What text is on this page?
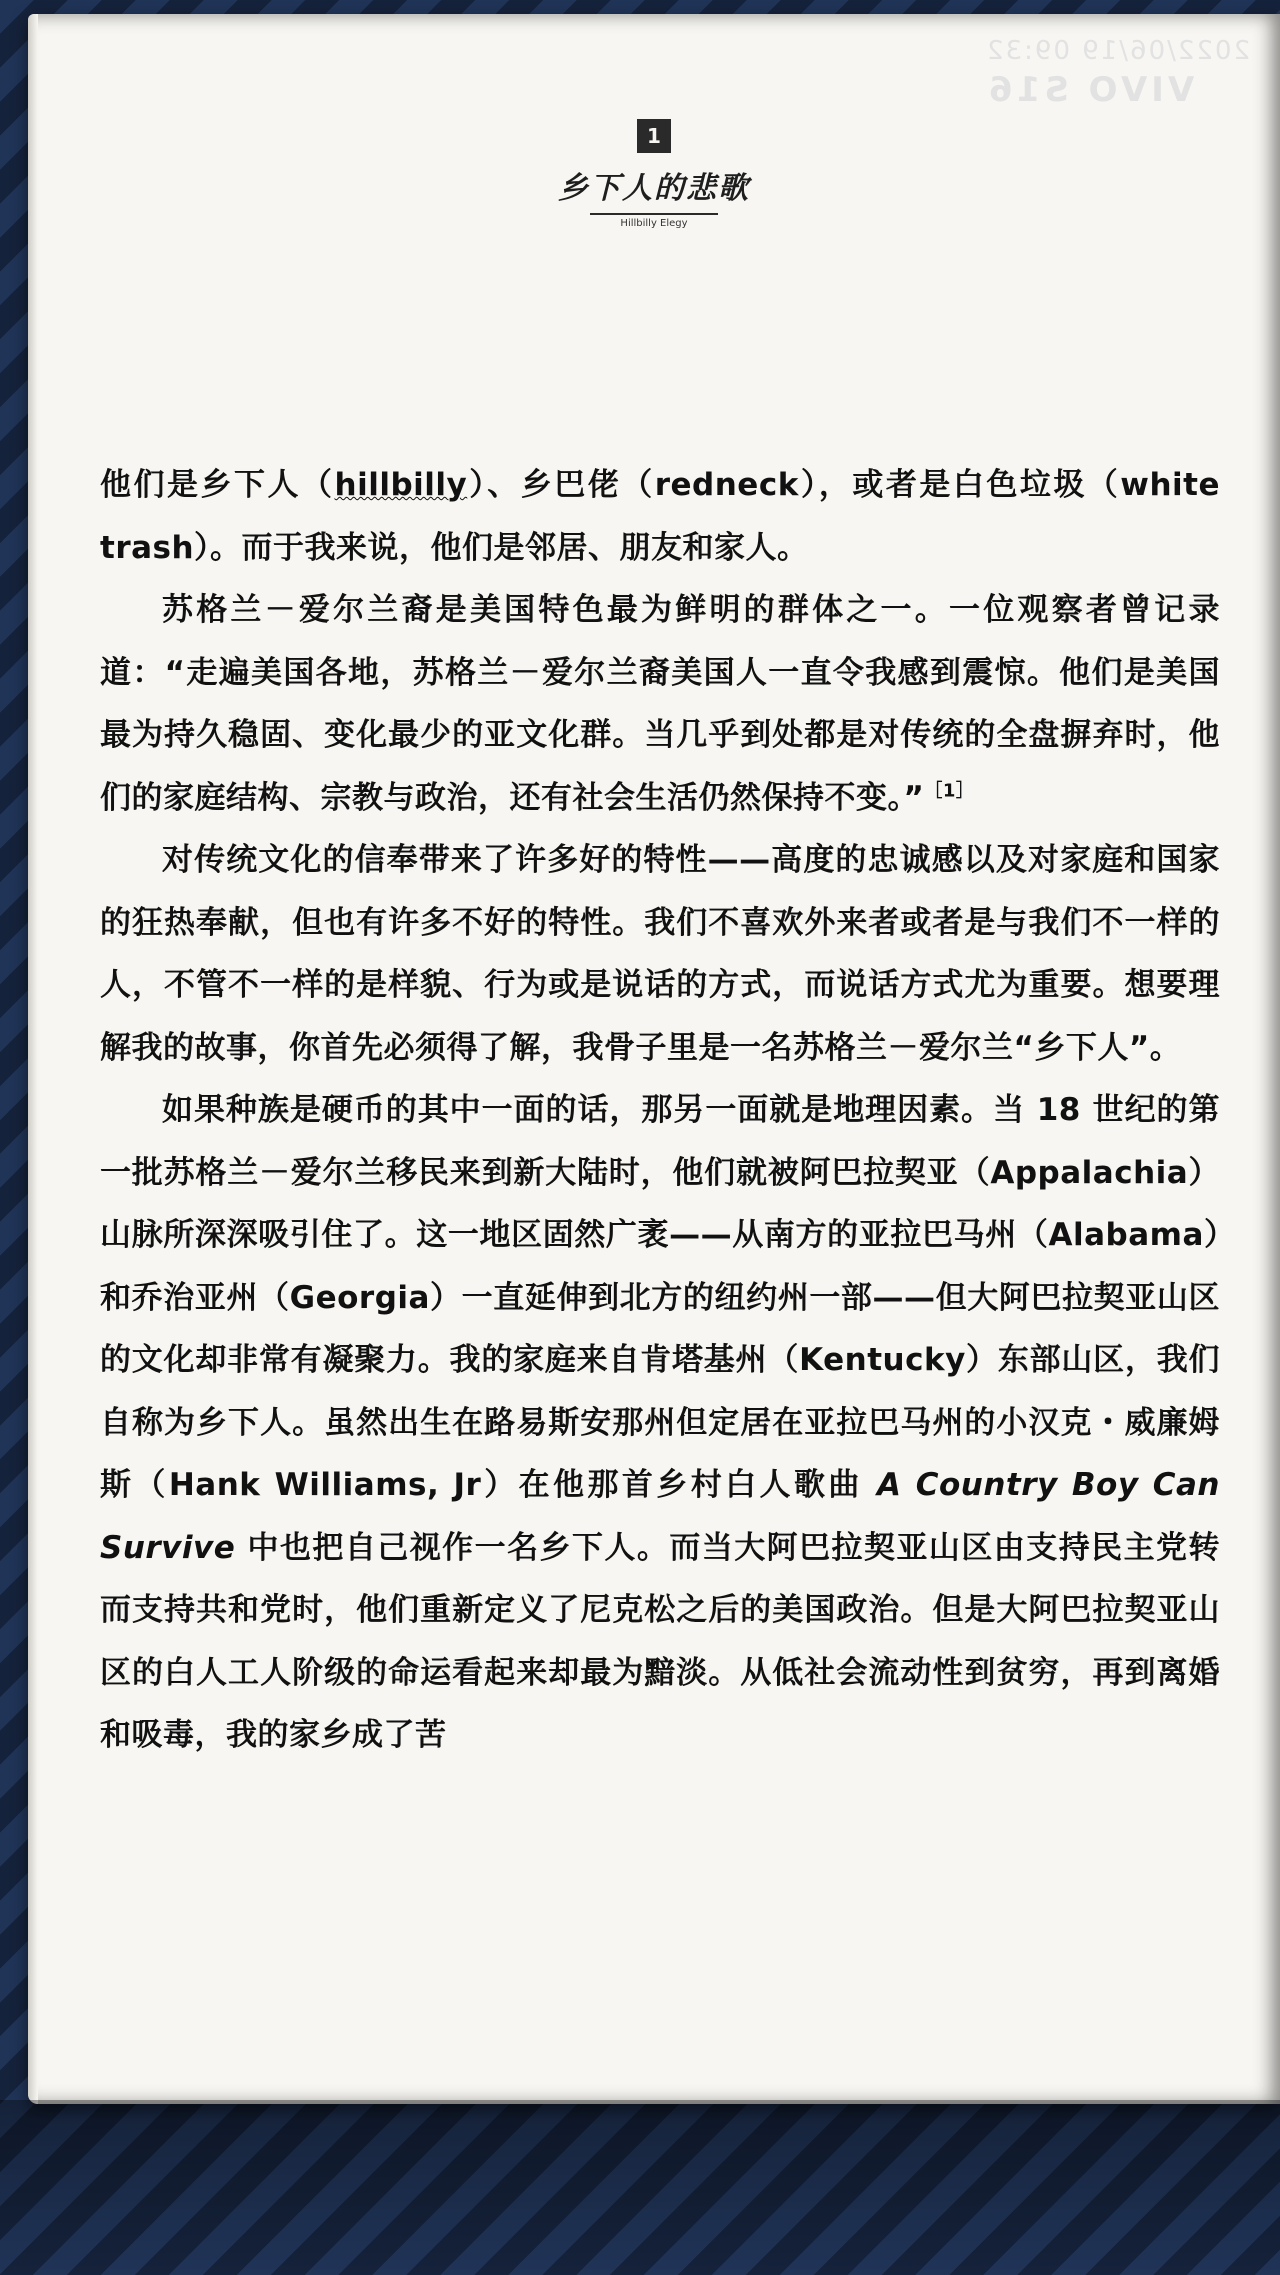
2022/06/19 09:32
VIVO S16
1
乡下人的悲歌
Hillbilly Elegy

他们是乡下人（hillbilly）、乡巴佬（redneck），或者是白色垃圾（white trash）。而于我来说，他们是邻居、朋友和家人。

苏格兰－爱尔兰裔是美国特色最为鲜明的群体之一。一位观察者曾记录道：“走遍美国各地，苏格兰－爱尔兰裔美国人一直令我感到震惊。他们是美国最为持久稳固、变化最少的亚文化群。当几乎到处都是对传统的全盘摒弃时，他们的家庭结构、宗教与政治，还有社会生活仍然保持不变。”$^{[1]}$

对传统文化的信奉带来了许多好的特性——高度的忠诚感以及对家庭和国家的狂热奉献，但也有许多不好的特性。我们不喜欢外来者或者是与我们不一样的人，不管不一样的是样貌、行为或是说话的方式，而说话方式尤为重要。想要理解我的故事，你首先必须得了解，我骨子里是一名苏格兰－爱尔兰“乡下人”。

如果种族是硬币的其中一面的话，那另一面就是地理因素。当 18 世纪的第一批苏格兰－爱尔兰移民来到新大陆时，他们就被阿巴拉契亚（Appalachia）山脉所深深吸引住了。这一地区固然广袤——从南方的亚拉巴马州（Alabama）和乔治亚州（Georgia）一直延伸到北方的纽约州一部——但大阿巴拉契亚山区的文化却非常有凝聚力。我的家庭来自肯塔基州（Kentucky）东部山区，我们自称为乡下人。虽然出生在路易斯安那州但定居在亚拉巴马州的小汉克・威廉姆斯（Hank Williams, Jr）在他那首乡村白人歌曲 A Country Boy Can Survive 中也把自己视作一名乡下人。而当大阿巴拉契亚山区由支持民主党转而支持共和党时，他们重新定义了尼克松之后的美国政治。但是大阿巴拉契亚山区的白人工人阶级的命运看起来却最为黯淡。从低社会流动性到贫穷，再到离婚和吸毒，我的家乡成了苦
